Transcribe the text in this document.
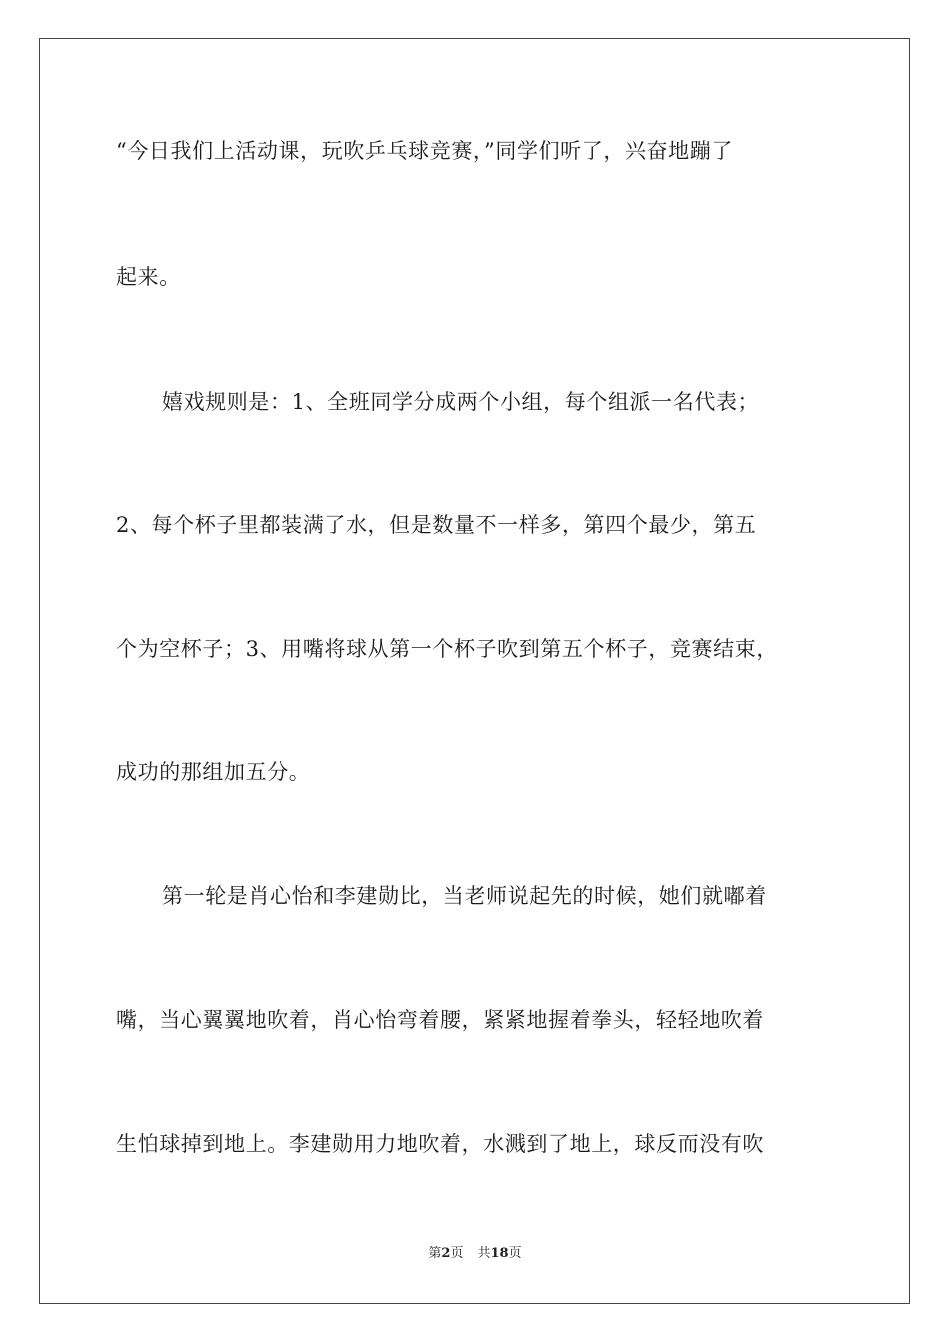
“今日我们上活动课，玩吹乒乓球竞赛，”同学们听了，兴奋地蹦了
起来。
嬉戏规则是：1、全班同学分成两个小组，每个组派一名代表；
2、每个杯子里都装满了水，但是数量不一样多，第四个最少，第五
个为空杯子；3、用嘴将球从第一个杯子吹到第五个杯子，竞赛结束，
成功的那组加五分。
第一轮是肖心怡和李建勋比，当老师说起先的时候，她们就嘟着
嘴，当心翼翼地吹着，肖心怡弯着腰，紧紧地握着拳头，轻轻地吹着
生怕球掉到地上。李建勋用力地吹着，水溅到了地上，球反而没有吹
第2页 共18页
